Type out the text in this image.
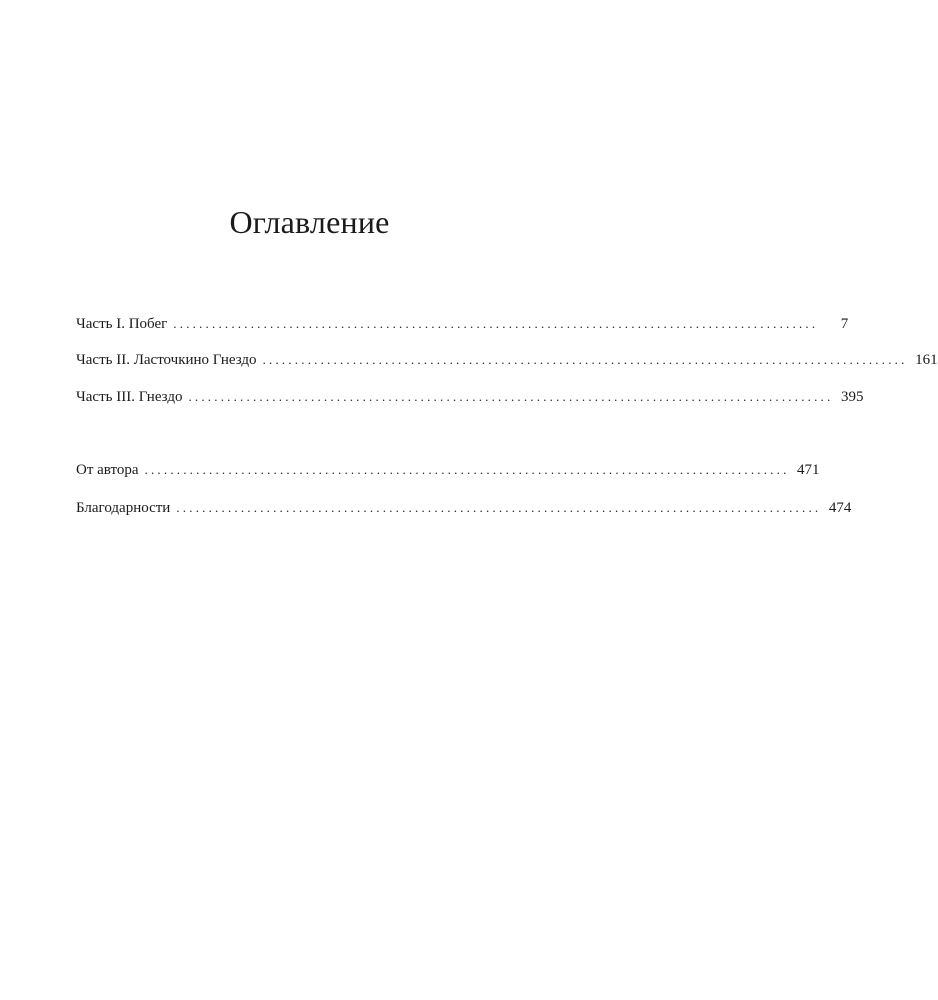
Оглавление
Часть I. Побег ....................................................................................................	7
Часть II. Ласточкино Гнездо .................................................................................................... 161
Часть III. Гнездо .................................................................................................... 395
От автора .................................................................................................... 471
Благодарности .................................................................................................... 474
